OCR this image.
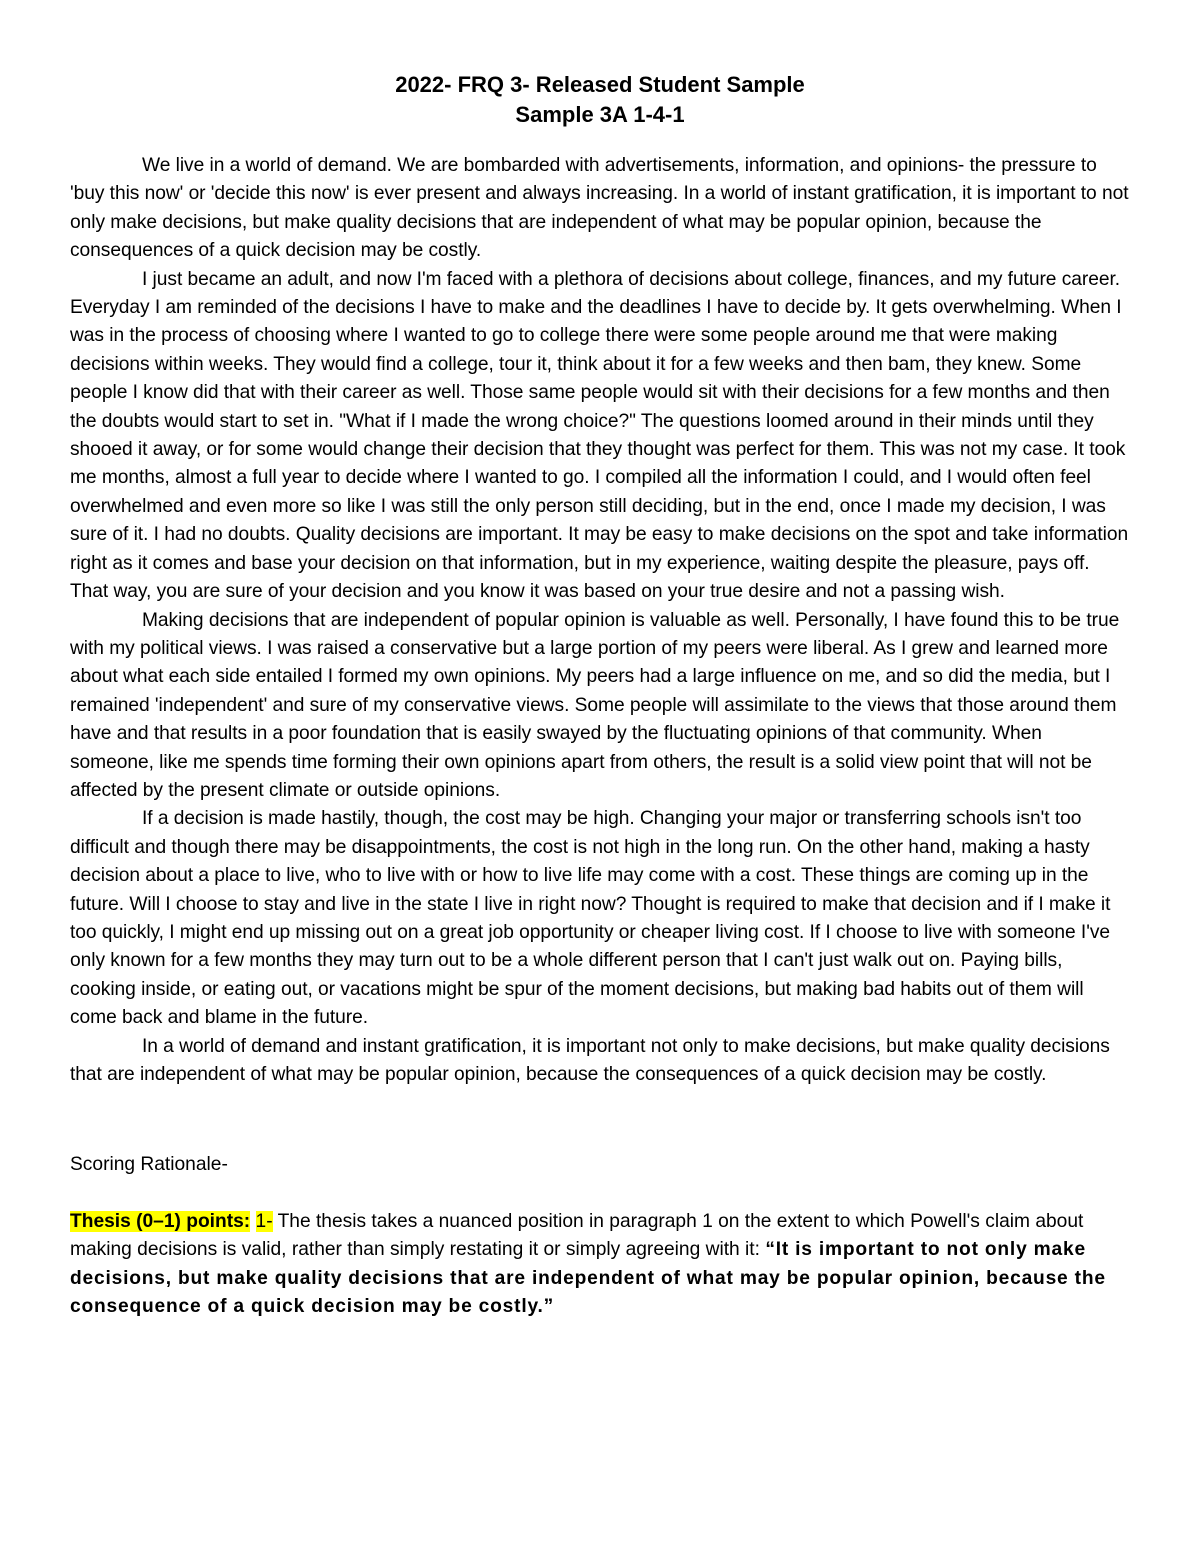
2022- FRQ 3- Released Student Sample
Sample 3A 1-4-1

We live in a world of demand. We are bombarded with advertisements, information, and opinions- the pressure to 'buy this now' or 'decide this now' is ever present and always increasing. In a world of instant gratification, it is important to not only make decisions, but make quality decisions that are independent of what may be popular opinion, because the consequences of a quick decision may be costly.

I just became an adult, and now I'm faced with a plethora of decisions about college, finances, and my future career. Everyday I am reminded of the decisions I have to make and the deadlines I have to decide by. It gets overwhelming. When I was in the process of choosing where I wanted to go to college there were some people around me that were making decisions within weeks. They would find a college, tour it, think about it for a few weeks and then bam, they knew. Some people I know did that with their career as well. Those same people would sit with their decisions for a few months and then the doubts would start to set in. "What if I made the wrong choice?" The questions loomed around in their minds until they shooed it away, or for some would change their decision that they thought was perfect for them. This was not my case. It took me months, almost a full year to decide where I wanted to go. I compiled all the information I could, and I would often feel overwhelmed and even more so like I was still the only person still deciding, but in the end, once I made my decision, I was sure of it. I had no doubts. Quality decisions are important. It may be easy to make decisions on the spot and take information right as it comes and base your decision on that information, but in my experience, waiting despite the pleasure, pays off. That way, you are sure of your decision and you know it was based on your true desire and not a passing wish.

Making decisions that are independent of popular opinion is valuable as well. Personally, I have found this to be true with my political views. I was raised a conservative but a large portion of my peers were liberal. As I grew and learned more about what each side entailed I formed my own opinions. My peers had a large influence on me, and so did the media, but I remained 'independent' and sure of my conservative views. Some people will assimilate to the views that those around them have and that results in a poor foundation that is easily swayed by the fluctuating opinions of that community. When someone, like me spends time forming their own opinions apart from others, the result is a solid view point that will not be affected by the present climate or outside opinions.

If a decision is made hastily, though, the cost may be high. Changing your major or transferring schools isn't too difficult and though there may be disappointments, the cost is not high in the long run. On the other hand, making a hasty decision about a place to live, who to live with or how to live life may come with a cost. These things are coming up in the future. Will I choose to stay and live in the state I live in right now? Thought is required to make that decision and if I make it too quickly, I might end up missing out on a great job opportunity or cheaper living cost. If I choose to live with someone I've only known for a few months they may turn out to be a whole different person that I can't just walk out on. Paying bills, cooking inside, or eating out, or vacations might be spur of the moment decisions, but making bad habits out of them will come back and blame in the future.

In a world of demand and instant gratification, it is important not only to make decisions, but make quality decisions that are independent of what may be popular opinion, because the consequences of a quick decision may be costly.

Scoring Rationale-

Thesis (0–1) points: 1- The thesis takes a nuanced position in paragraph 1 on the extent to which Powell's claim about making decisions is valid, rather than simply restating it or simply agreeing with it: “It is important to not only make decisions, but make quality decisions that are independent of what may be popular opinion, because the consequence of a quick decision may be costly.”
